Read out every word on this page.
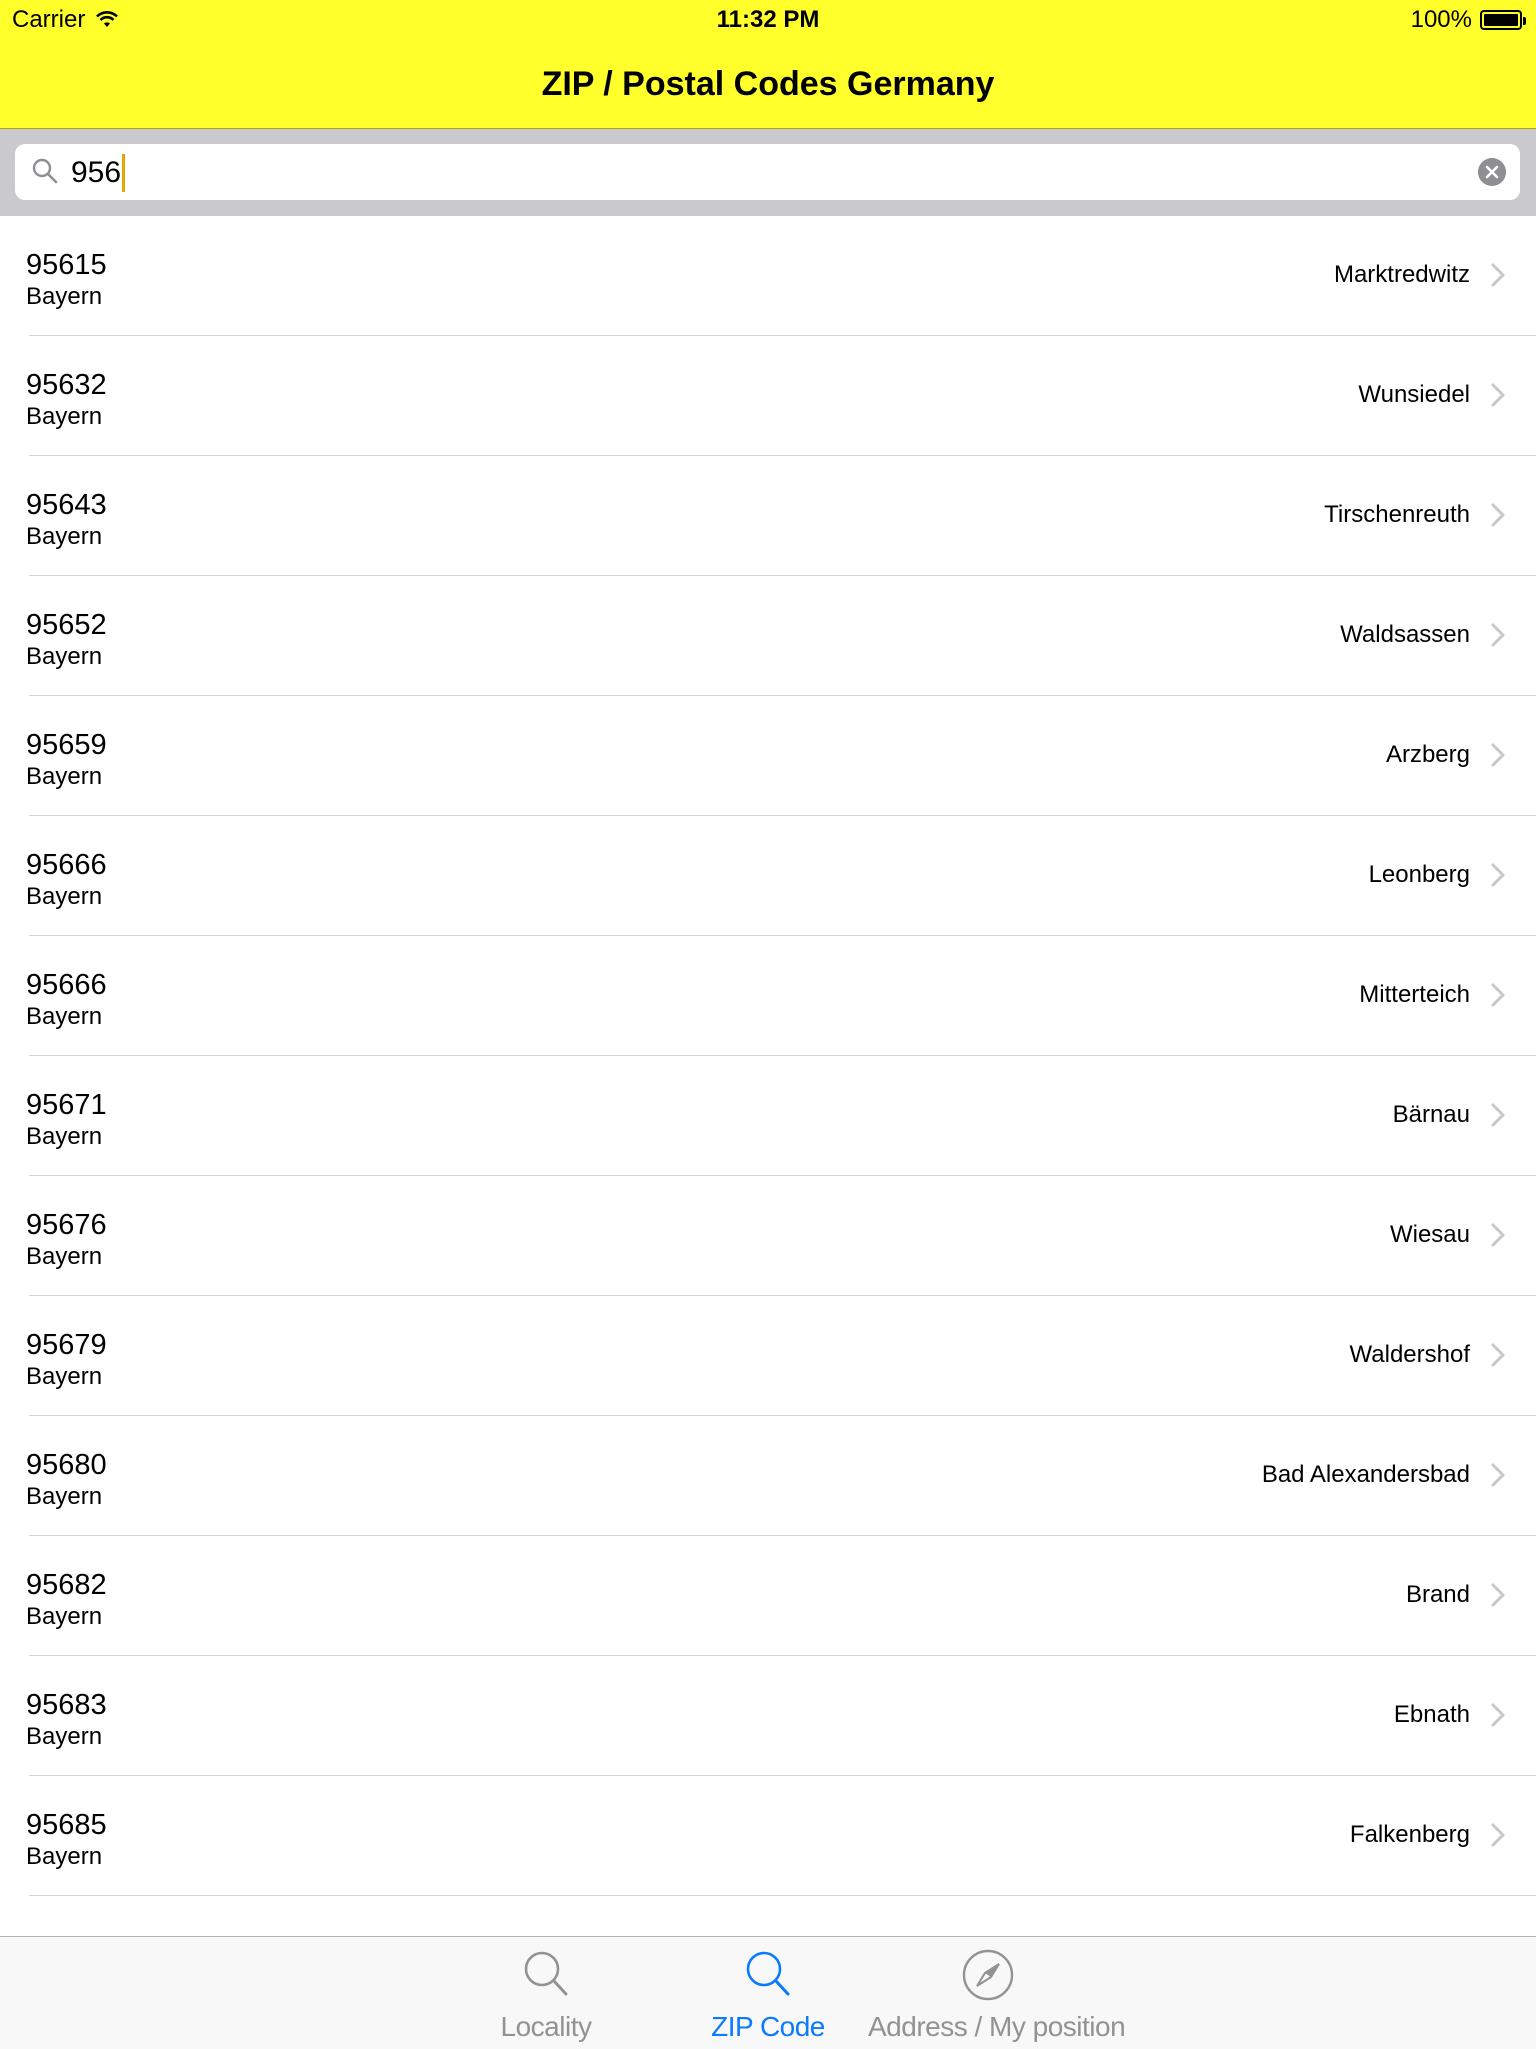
Carrier	11:32 PM	100%
ZIP / Postal Codes Germany
956
95615
Bayern
Marktredwitz
95632
Bayern
Wunsiedel
95643
Bayern
Tirschenreuth
95652
Bayern
Waldsassen
95659
Bayern
Arzberg
95666
Bayern
Leonberg
95666
Bayern
Mitterteich
95671
Bayern
Bärnau
95676
Bayern
Wiesau
95679
Bayern
Waldershof
95680
Bayern
Bad Alexandersbad
95682
Bayern
Brand
95683
Bayern
Ebnath
95685
Bayern
Falkenberg
Locality	ZIP Code	Address / My position
